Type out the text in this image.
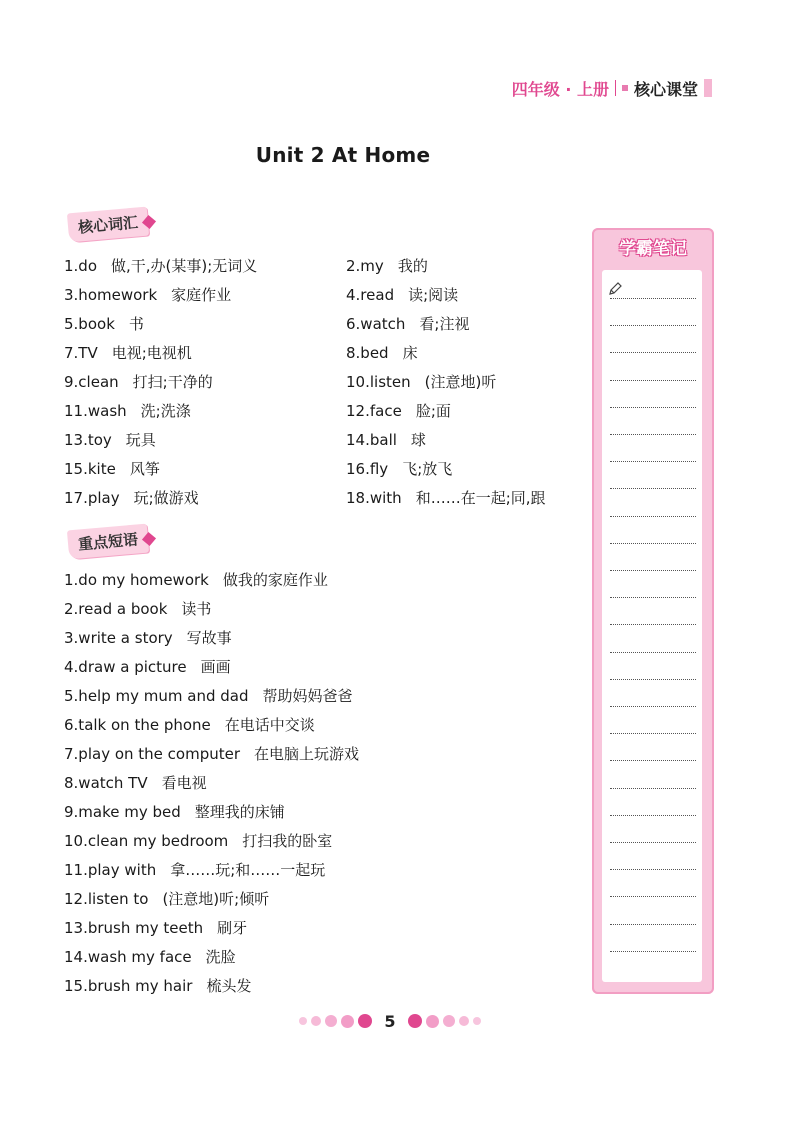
四年级 · 上册 核心课堂
Unit 2 At Home
核心词汇
1.do 做,干,办(某事);无词义	2.my 我的
3.homework 家庭作业	4.read 读;阅读
5.book 书	6.watch 看;注视
7.TV 电视;电视机	8.bed 床
9.clean 打扫;干净的	10.listen (注意地)听
11.wash 洗;洗涤	12.face 脸;面
13.toy 玩具	14.ball 球
15.kite 风筝	16.fly 飞;放飞
17.play 玩;做游戏	18.with 和……在一起;同,跟
重点短语
1.do my homework 做我的家庭作业
2.read a book 读书
3.write a story 写故事
4.draw a picture 画画
5.help my mum and dad 帮助妈妈爸爸
6.talk on the phone 在电话中交谈
7.play on the computer 在电脑上玩游戏
8.watch TV 看电视
9.make my bed 整理我的床铺
10.clean my bedroom 打扫我的卧室
11.play with 拿……玩;和……一起玩
12.listen to (注意地)听;倾听
13.brush my teeth 刷牙
14.wash my face 洗脸
15.brush my hair 梳头发
学霸笔记
5
